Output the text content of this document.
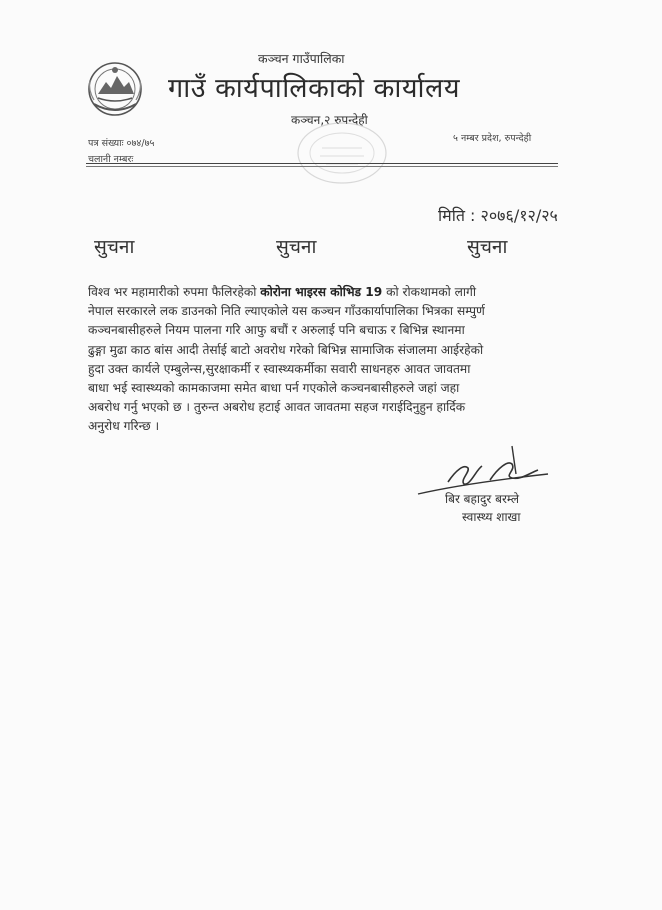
कञ्चन गाउँपालिका
गाउँ कार्यपालिकाको कार्यालय
कञ्चन,२ रुपन्देही
पत्र संख्याः ०७४/७५
चलानी नम्बरः
५ नम्बर प्रदेश, रुपन्देही
मिति : २०७६/१२/२५
सुचना	सुचना	सुचना
विश्व भर महामारीको रुपमा फैलिरहेको कोरोना भाइरस कोभिड 19 को रोकथामको लागी
नेपाल सरकारले लक डाउनको निति ल्याएकोले यस कञ्चन गाँउकार्यापालिका भित्रका सम्पुर्ण
कञ्चनबासीहरुले नियम पालना गरि आफु बचौं र अरुलाई पनि बचाऊ र बिभिन्न स्थानमा
ढुङ्गा मुढा काठ बांस आदी तेर्साई बाटो अवरोध गरेको बिभिन्न सामाजिक संजालमा आईरहेको
हुदा उक्त कार्यले एम्बुलेन्स,सुरक्षाकर्मी र स्वास्थ्यकर्मीका सवारी साधनहरु आवत जावतमा
बाधा भई स्वास्थ्यको कामकाजमा समेत बाधा पर्न गएकोले कञ्चनबासीहरुले जहां जहा
अबरोध गर्नु भएको छ । तुरुन्त अबरोध हटाई आवत जावतमा सहज गराईदिनुहुन हार्दिक
अनुरोध गरिन्छ ।
बिर बहादुर बरम्ले
स्वास्थ्य शाखा
